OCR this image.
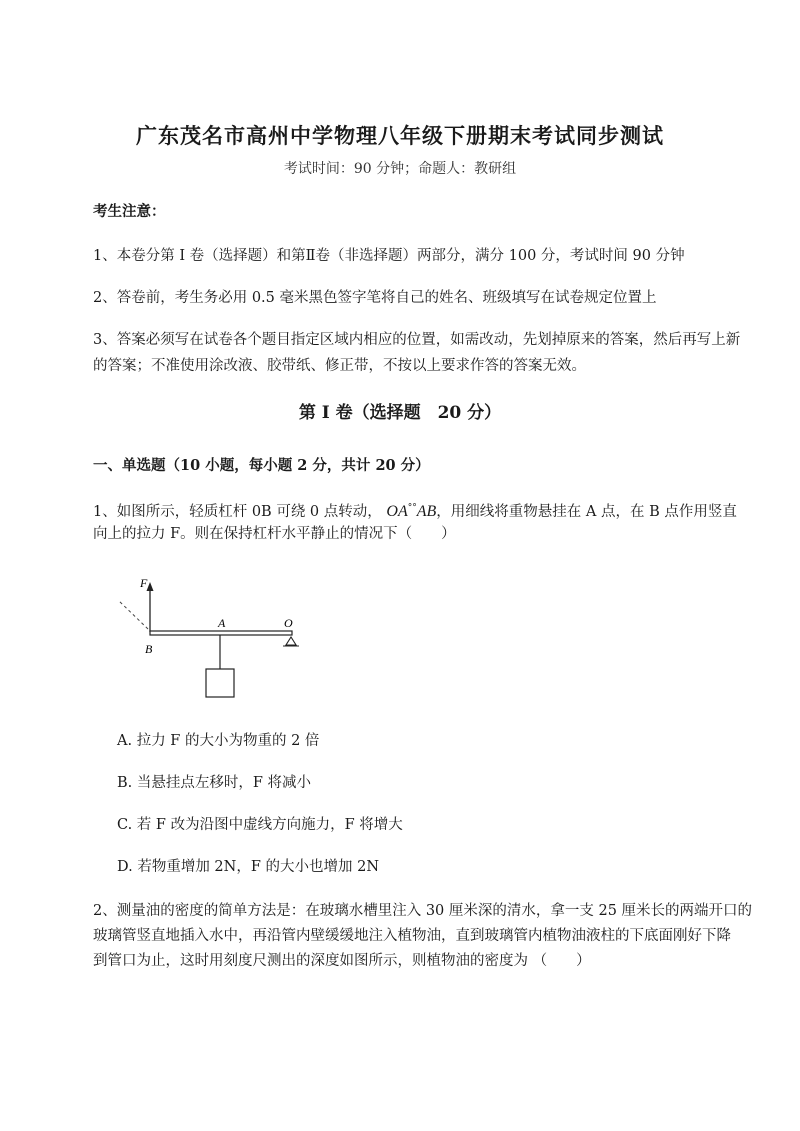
广东茂名市高州中学物理八年级下册期末考试同步测试
考试时间：90 分钟；命题人：教研组
考生注意：
1、本卷分第 I 卷（选择题）和第Ⅱ卷（非选择题）两部分，满分 100 分，考试时间 90 分钟
2、答卷前，考生务必用 0.5 毫米黑色签字笔将自己的姓名、班级填写在试卷规定位置上
3、答案必须写在试卷各个题目指定区域内相应的位置，如需改动，先划掉原来的答案，然后再写上新
的答案；不准使用涂改液、胶带纸、修正带，不按以上要求作答的答案无效。
第 I 卷（选择题　20 分）
一、单选题（10 小题，每小题 2 分，共计 20 分）
1、如图所示，轻质杠杆 0B 可绕 0 点转动， OA°°AB，用细线将重物悬挂在 A 点，在 B 点作用竖直
向上的拉力 F。则在保持杠杆水平静止的情况下（　　）
F
A	O
B
A. 拉力 F 的大小为物重的 2 倍
B. 当悬挂点左移时，F 将减小
C. 若 F 改为沿图中虚线方向施力，F 将增大
D. 若物重增加 2N，F 的大小也增加 2N
2、测量油的密度的简单方法是：在玻璃水槽里注入 30 厘米深的清水，拿一支 25 厘米长的两端开口的
玻璃管竖直地插入水中，再沿管内壁缓缓地注入植物油，直到玻璃管内植物油液柱的下底面刚好下降
到管口为止，这时用刻度尺测出的深度如图所示，则植物油的密度为 （　　）
